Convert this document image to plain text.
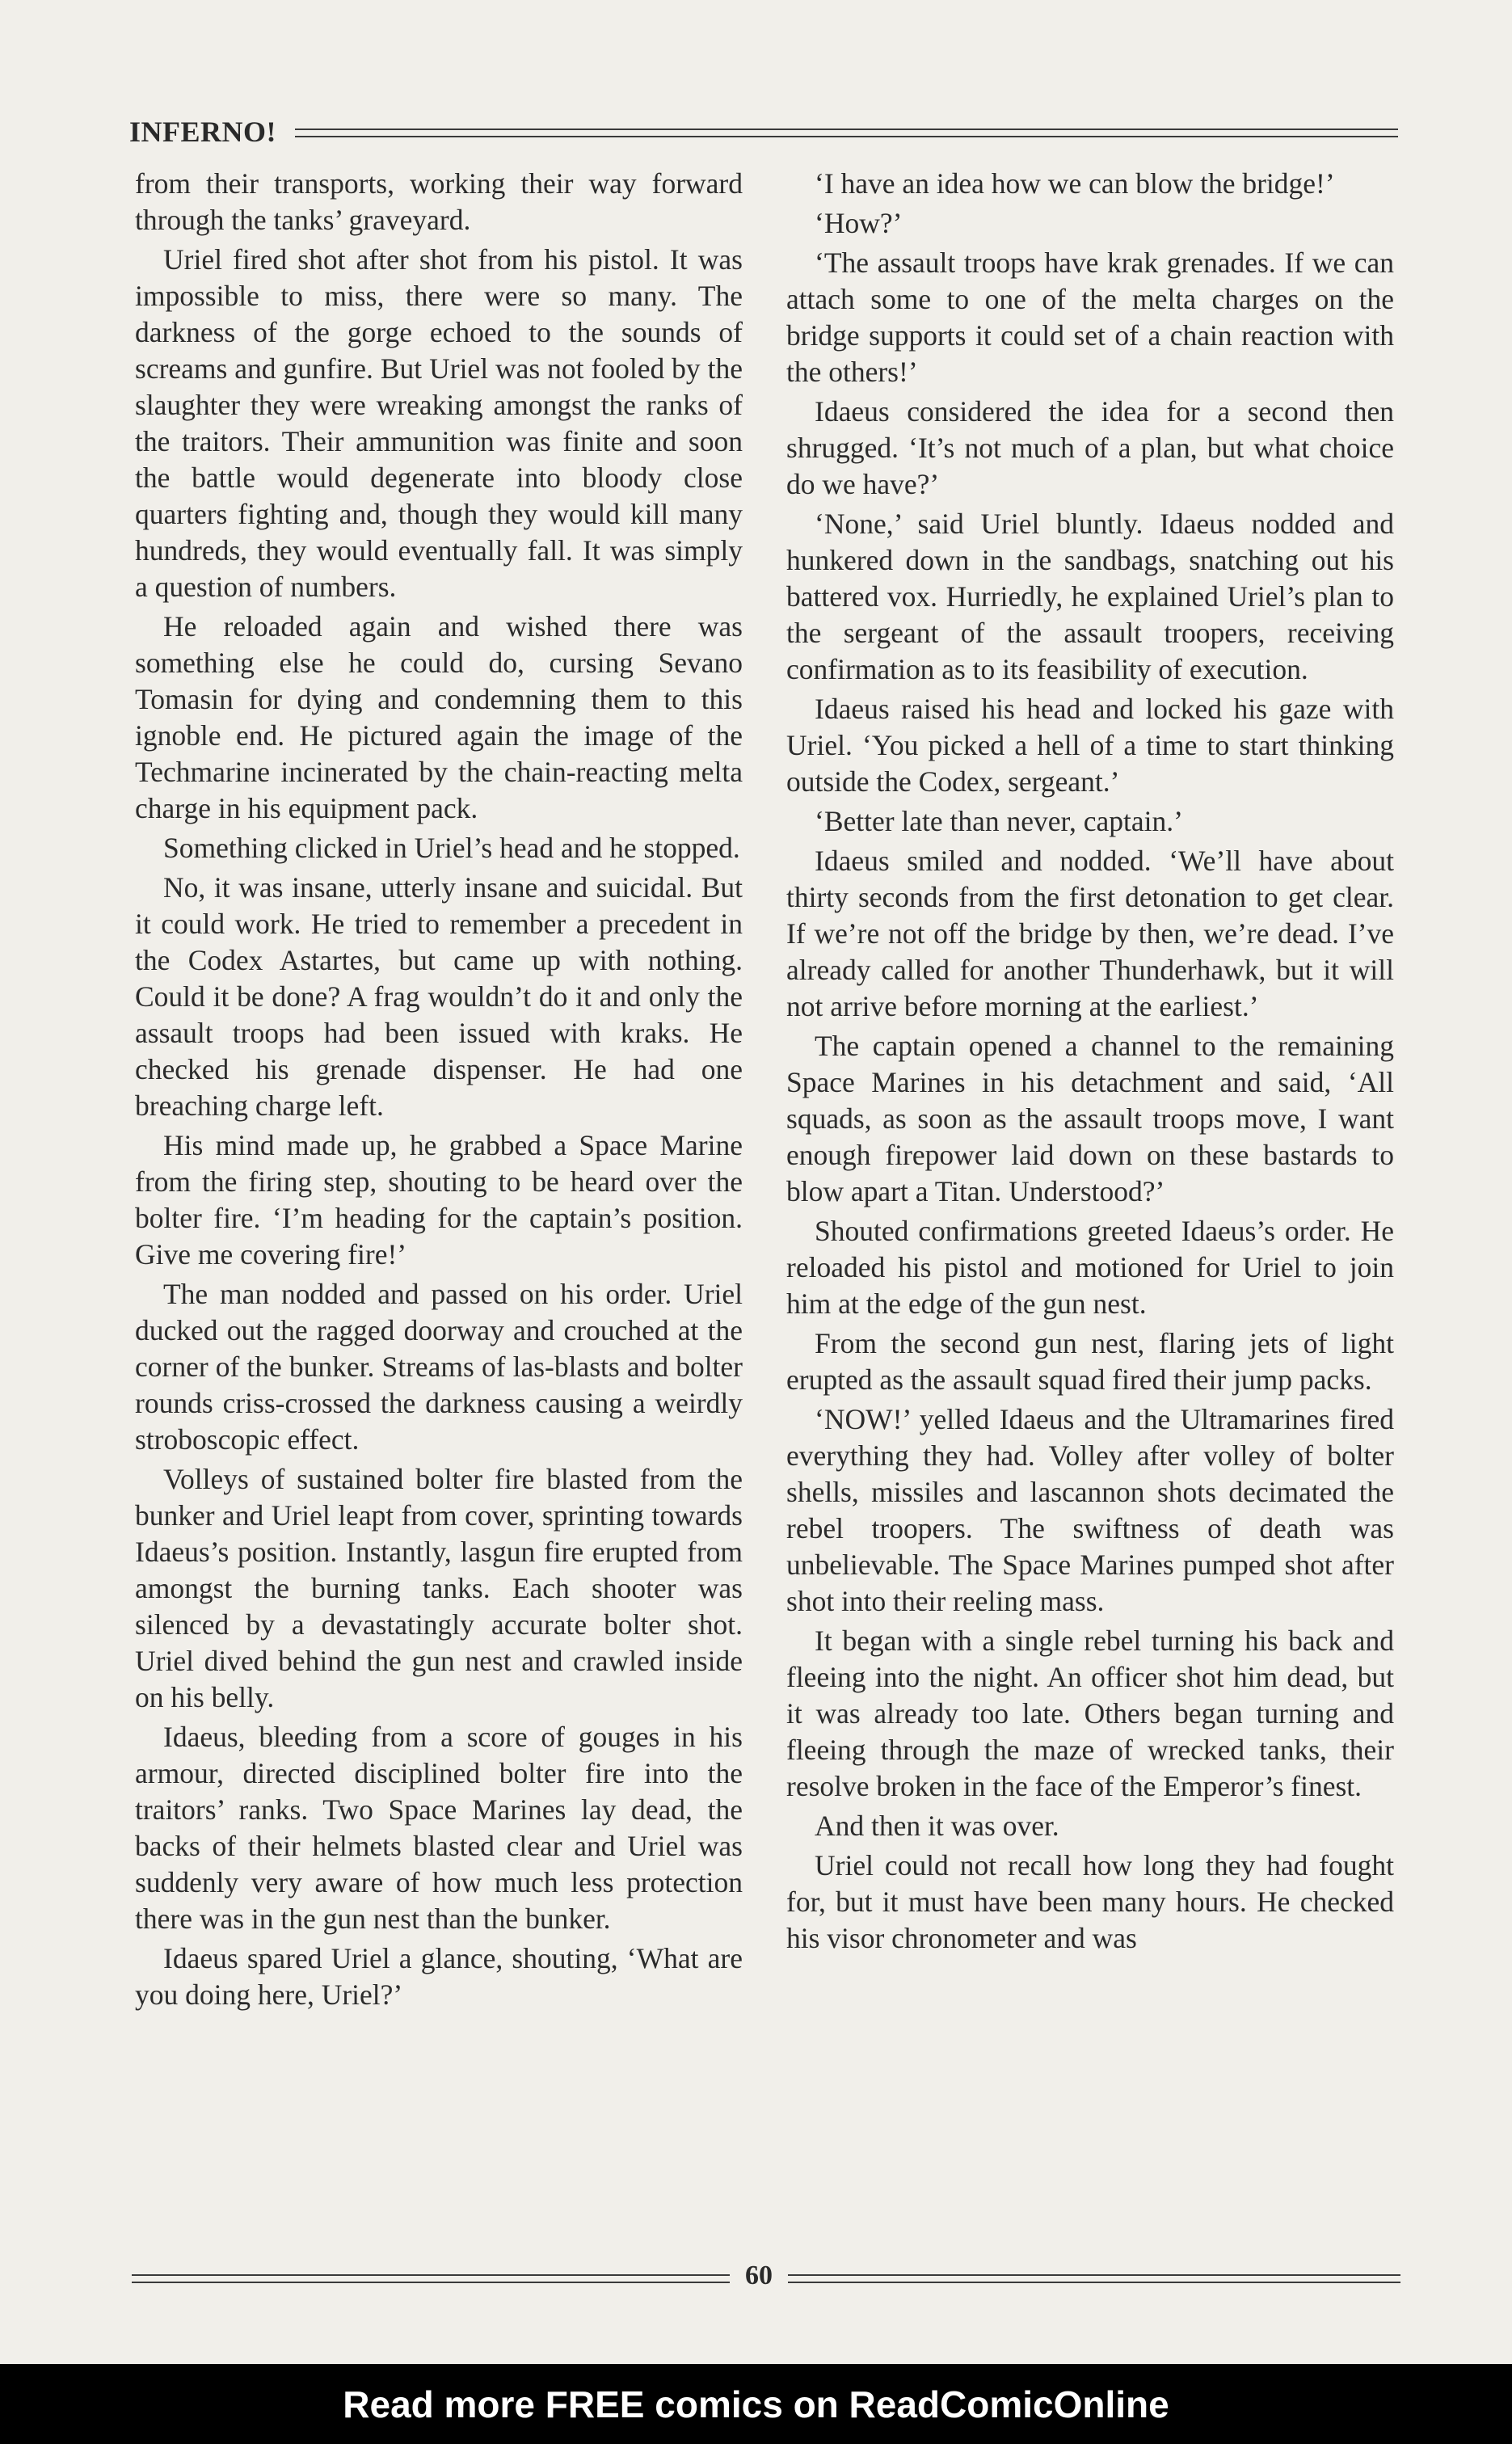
INFERNO!

from their transports, working their way forward through the tanks’ graveyard.

Uriel fired shot after shot from his pistol. It was impossible to miss, there were so many. The darkness of the gorge echoed to the sounds of screams and gunfire. But Uriel was not fooled by the slaughter they were wreaking amongst the ranks of the traitors. Their ammunition was finite and soon the battle would degenerate into bloody close quarters fighting and, though they would kill many hundreds, they would eventually fall. It was simply a question of numbers.

He reloaded again and wished there was something else he could do, cursing Sevano Tomasin for dying and condemning them to this ignoble end. He pictured again the image of the Techmarine incinerated by the chain-reacting melta charge in his equipment pack.

Something clicked in Uriel’s head and he stopped.

No, it was insane, utterly insane and suicidal. But it could work. He tried to remember a precedent in the Codex Astartes, but came up with nothing. Could it be done? A frag wouldn’t do it and only the assault troops had been issued with kraks. He checked his grenade dispenser. He had one breaching charge left.

His mind made up, he grabbed a Space Marine from the firing step, shouting to be heard over the bolter fire. ‘I’m heading for the captain’s position. Give me covering fire!’

The man nodded and passed on his order. Uriel ducked out the ragged doorway and crouched at the corner of the bunker. Streams of las-blasts and bolter rounds criss-crossed the darkness causing a weirdly stroboscopic effect.

Volleys of sustained bolter fire blasted from the bunker and Uriel leapt from cover, sprinting towards Idaeus’s position. Instantly, lasgun fire erupted from amongst the burning tanks. Each shooter was silenced by a devastatingly accurate bolter shot. Uriel dived behind the gun nest and crawled inside on his belly.

Idaeus, bleeding from a score of gouges in his armour, directed disciplined bolter fire into the traitors’ ranks. Two Space Marines lay dead, the backs of their helmets blasted clear and Uriel was suddenly very aware of how much less protection there was in the gun nest than the bunker.

Idaeus spared Uriel a glance, shouting, ‘What are you doing here, Uriel?’

‘I have an idea how we can blow the bridge!’

‘How?’

‘The assault troops have krak grenades. If we can attach some to one of the melta charges on the bridge supports it could set of a chain reaction with the others!’

Idaeus considered the idea for a second then shrugged. ‘It’s not much of a plan, but what choice do we have?’

‘None,’ said Uriel bluntly. Idaeus nodded and hunkered down in the sandbags, snatching out his battered vox. Hurriedly, he explained Uriel’s plan to the sergeant of the assault troopers, receiving confirmation as to its feasibility of execution.

Idaeus raised his head and locked his gaze with Uriel. ‘You picked a hell of a time to start thinking outside the Codex, sergeant.’

‘Better late than never, captain.’

Idaeus smiled and nodded. ‘We’ll have about thirty seconds from the first detonation to get clear. If we’re not off the bridge by then, we’re dead. I’ve already called for another Thunderhawk, but it will not arrive before morning at the earliest.’

The captain opened a channel to the remaining Space Marines in his detachment and said, ‘All squads, as soon as the assault troops move, I want enough firepower laid down on these bastards to blow apart a Titan. Understood?’

Shouted confirmations greeted Idaeus’s order. He reloaded his pistol and motioned for Uriel to join him at the edge of the gun nest.

From the second gun nest, flaring jets of light erupted as the assault squad fired their jump packs.

‘NOW!’ yelled Idaeus and the Ultramarines fired everything they had. Volley after volley of bolter shells, missiles and lascannon shots decimated the rebel troopers. The swiftness of death was unbelievable. The Space Marines pumped shot after shot into their reeling mass.

It began with a single rebel turning his back and fleeing into the night. An officer shot him dead, but it was already too late. Others began turning and fleeing through the maze of wrecked tanks, their resolve broken in the face of the Emperor’s finest.

And then it was over.

Uriel could not recall how long they had fought for, but it must have been many hours. He checked his visor chronometer and was

60
Read more FREE comics on ReadComicOnline
